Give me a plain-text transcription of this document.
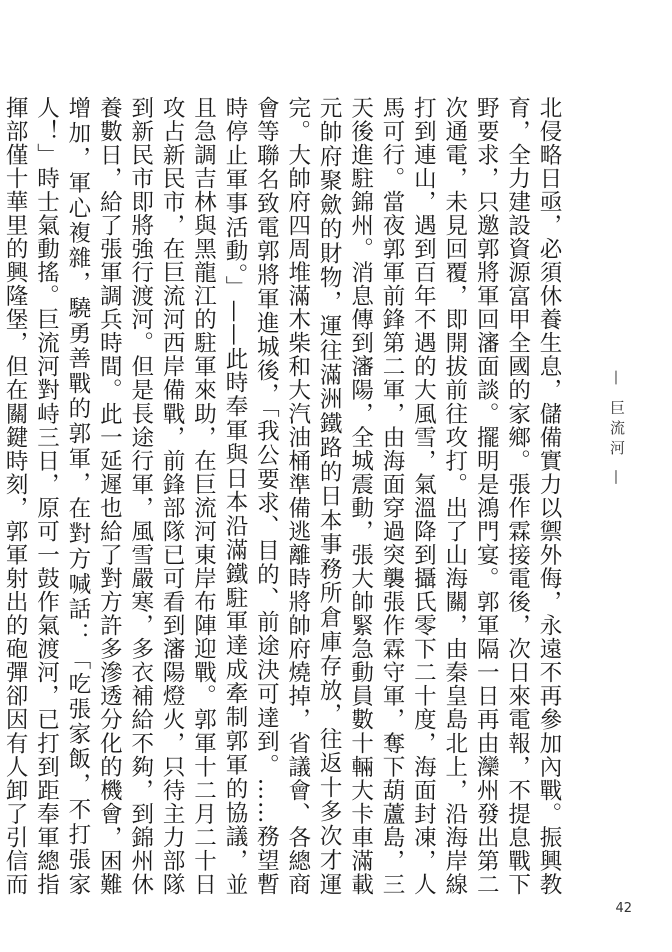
— 巨流河 —

北侵略日亟，必須休養生息，儲備實力以禦外侮，永遠不再參加內戰。振興教育，全力建設資源富甲全國的家鄉。張作霖接電後，次日來電報，不提息戰下野要求，只邀郭將軍回瀋面談。擺明是鴻門宴。郭軍隔一日再由灤州發出第二次通電，未見回覆，即開拔前往攻打。出了山海關，由秦皇島北上，沿海岸線打到連山，遇到百年不遇的大風雪，氣溫降到攝氏零下二十度，海面封凍，人馬可行。當夜郭軍前鋒第二軍，由海面穿過突襲張作霖守軍，奪下葫蘆島，三天後進駐錦州。消息傳到瀋陽，全城震動，張大帥緊急動員數十輛大卡車滿載元帥府聚歛的財物，運往滿洲鐵路的日本事務所倉庫存放，往返十多次才運完。大帥府四周堆滿木柴和大汽油桶準備逃離時將帥府燒掉，省議會、各總商會等聯名致電郭將軍進城後，「我公要求、目的、前途決可達到。……務望暫時停止軍事活動。」——此時奉軍與日本沿滿鐵駐軍達成牽制郭軍的協議，並且急調吉林與黑龍江的駐軍來助，在巨流河東岸布陣迎戰。郭軍十二月二十日攻占新民市，在巨流河西岸備戰，前鋒部隊已可看到瀋陽燈火，只待主力部隊到新民市即將強行渡河。但是長途行軍，風雪嚴寒，多衣補給不夠，到錦州休養數日，給了張軍調兵時間。此一延遲也給了對方許多滲透分化的機會，困難增加，軍心複雜，驍勇善戰的郭軍，在對方喊話：「吃張家飯，不打張家人！」時士氣動搖。巨流河對峙三日，原可一鼓作氣渡河，已打到距奉軍總指揮部僅十華里的興隆堡，但在關鍵時刻，郭軍射出的砲彈卻因有人卸了引信而

42
